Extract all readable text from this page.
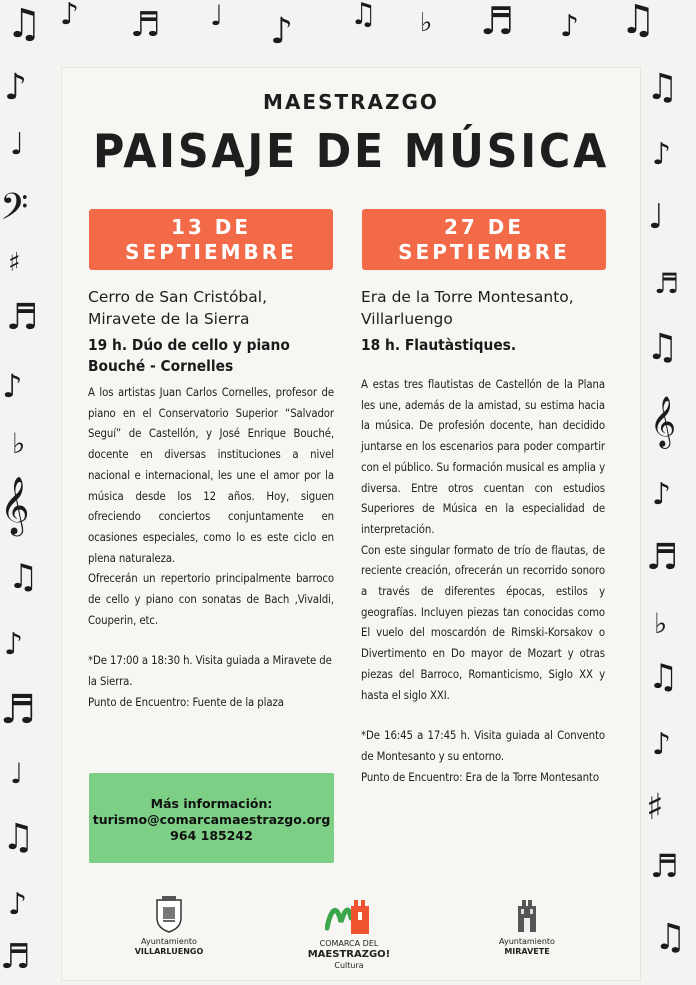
♫ ♪ ♬ ♩ ♪ ♫ ♭ ♬ ♪ ♫
♪
♩
𝄢
♯
♬
♪
♭
𝄞
♫
♪
♬
♩
♫
♪
♬
♫
♪
♩
♬
♫
𝄞
♪
♬
♭
♫
♪
♯
♬
♫
MAESTRAZGO
PAISAJE DE MÚSICA
13 DE
SEPTIEMBRE
27 DE
SEPTIEMBRE

Cerro de San Cristóbal,
Miravete de la Sierra

19 h. Dúo de cello y piano
Bouché - Cornelles

A los artistas Juan Carlos Cornelles, profesor de piano en el Conservatorio Superior “Salvador Seguí” de Castellón, y José Enrique Bouché, docente en diversas instituciones a nivel nacional e internacional, les une el amor por la música desde los 12 años. Hoy, siguen ofreciendo conciertos conjuntamente en ocasiones especiales, como lo es este ciclo en plena naturaleza.

Ofrecerán un repertorio principalmente barroco de cello y piano con sonatas de Bach ,Vivaldi, Couperin, etc.

*De 17:00 a 18:30 h. Visita guiada a Miravete de la Sierra.

Punto de Encuentro: Fuente de la plaza

Era de la Torre Montesanto,
Villarluengo

18 h. Flautàstiques.

A estas tres flautistas de Castellón de la Plana les une, además de la amistad, su estima hacia la música. De profesión docente, han decidido juntarse en los escenarios para poder compartir con el público. Su formación musical es amplia y diversa. Entre otros cuentan con estudios Superiores de Música en la especialidad de interpretación.

Con este singular formato de trío de flautas, de reciente creación, ofrecerán un recorrido sonoro a través de diferentes épocas, estilos y geografías. Incluyen piezas tan conocidas como El vuelo del moscardón de Rimski-Korsakov o Divertimento en Do mayor de Mozart y otras piezas del Barroco, Romanticismo, Siglo XX y hasta el siglo XXI.

*De 16:45 a 17:45 h. Visita guiada al Convento de Montesanto y su entorno.

Punto de Encuentro: Era de la Torre Montesanto

Más información:
turismo@comarcamaestrazgo.org
964 185242
Ayuntamiento
VILLARLUENGO
COMARCA DEL
MAESTRAZGO!
Cultura
Ayuntamiento
MIRAVETE
